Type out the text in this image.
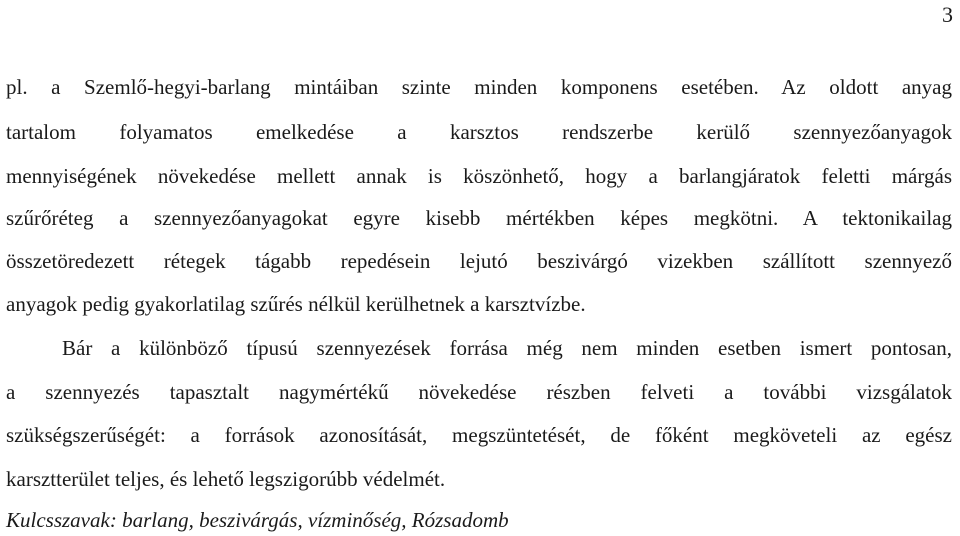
3
pl. a Szemlő-hegyi-barlang mintáiban szinte minden komponens esetében. Az oldott anyag
tartalom folyamatos emelkedése a karsztos rendszerbe kerülő szennyezőanyagok
mennyiségének növekedése mellett annak is köszönhető, hogy a barlangjáratok feletti márgás
szűrőréteg a szennyezőanyagokat egyre kisebb mértékben képes megkötni. A tektonikailag
összetöredezett rétegek tágabb repedésein lejutó beszivárgó vizekben szállított szennyező
anyagok pedig gyakorlatilag szűrés nélkül kerülhetnek a karsztvízbe.
Bár a különböző típusú szennyezések forrása még nem minden esetben ismert pontosan,
a szennyezés tapasztalt nagymértékű növekedése részben felveti a további vizsgálatok
szükségszerűségét: a források azonosítását, megszüntetését, de főként megköveteli az egész
karsztterület teljes, és lehető legszigorúbb védelmét.
Kulcsszavak: barlang, beszivárgás, vízminőség, Rózsadomb
